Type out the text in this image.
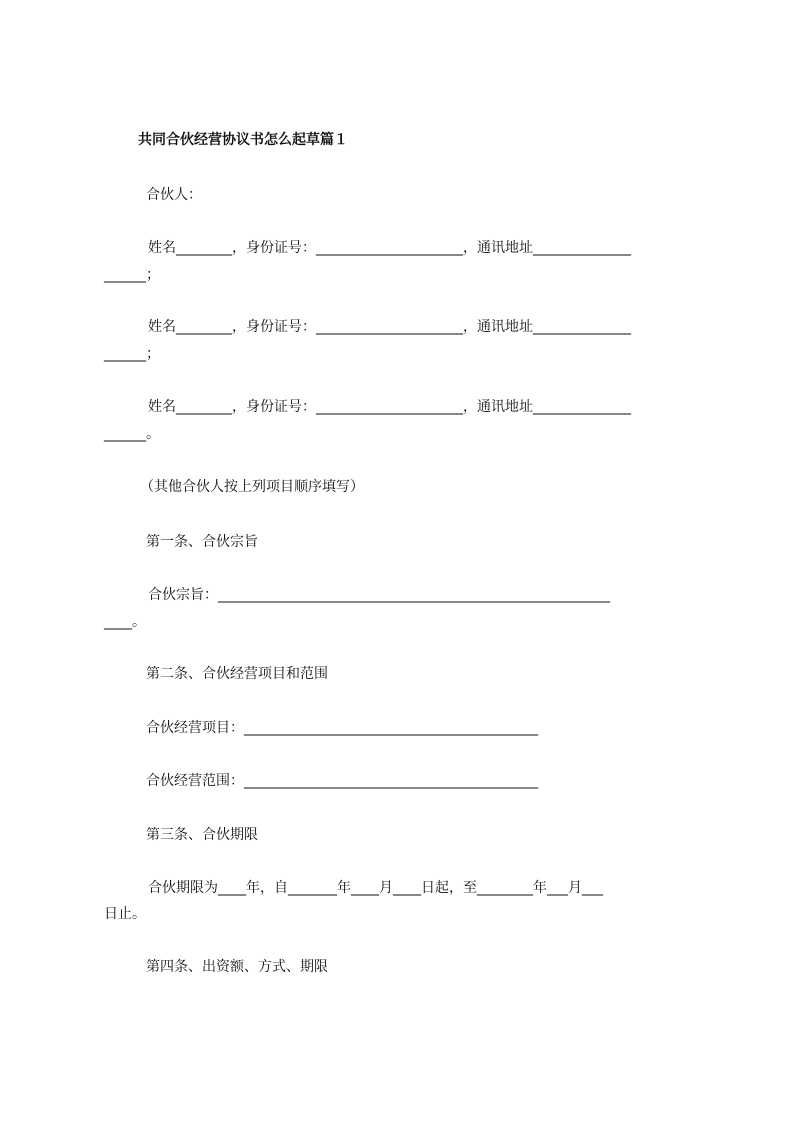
共同合伙经营协议书怎么起草篇１

合伙人：

姓名________，身份证号：_____________________，通讯地址______________

______；

姓名________，身份证号：_____________________，通讯地址______________

______；

姓名________，身份证号：_____________________，通讯地址______________

______。

（其他合伙人按上列项目顺序填写）

第一条、合伙宗旨

合伙宗旨：________________________________________________________

____。

第二条、合伙经营项目和范围

合伙经营项目：__________________________________________

合伙经营范围：__________________________________________

第三条、合伙期限

合伙期限为____年，自_______年____月____日起，至________年___月___

日止。

第四条、出资额、方式、期限
